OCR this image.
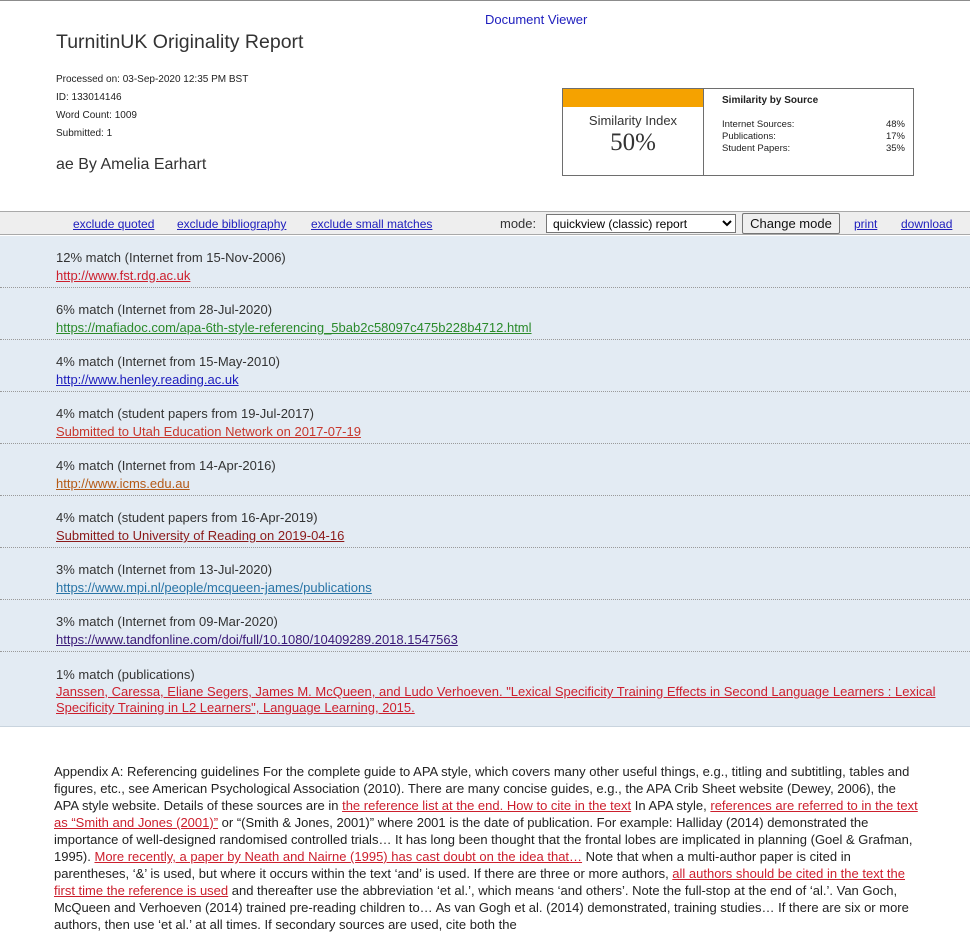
Document Viewer
TurnitinUK Originality Report
Processed on: 03-Sep-2020 12:35 PM BST
ID: 133014146
Word Count: 1009
Submitted: 1
ae By Amelia Earhart
Similarity Index
50%
Similarity by Source
Internet Sources:	48%
Publications:	17%
Student Papers:	35%
exclude quoted exclude bibliography exclude small matches	mode:
quickview (classic) report	Change mode	print download
12% match (Internet from 15-Nov-2006)
http://www.fst.rdg.ac.uk
6% match (Internet from 28-Jul-2020)
https://mafiadoc.com/apa-6th-style-referencing_5bab2c58097c475b228b4712.html
4% match (Internet from 15-May-2010)
http://www.henley.reading.ac.uk
4% match (student papers from 19-Jul-2017)
Submitted to Utah Education Network on 2017-07-19
4% match (Internet from 14-Apr-2016)
http://www.icms.edu.au
4% match (student papers from 16-Apr-2019)
Submitted to University of Reading on 2019-04-16
3% match (Internet from 13-Jul-2020)
https://www.mpi.nl/people/mcqueen-james/publications
3% match (Internet from 09-Mar-2020)
https://www.tandfonline.com/doi/full/10.1080/10409289.2018.1547563
1% match (publications)
Janssen, Caressa, Eliane Segers, James M. McQueen, and Ludo Verhoeven. "Lexical Specificity Training Effects in Second Language Learners : Lexical Specificity Training in L2 Learners", Language Learning, 2015.

Appendix A: Referencing guidelines For the complete guide to APA style, which covers many other useful things, e.g., titling and subtitling, tables and figures, etc., see American Psychological Association (2010). There are many concise guides, e.g., the APA Crib Sheet website (Dewey, 2006), the APA style website. Details of these sources are in the reference list at the end. How to cite in the text In APA style, references are referred to in the text as “Smith and Jones (2001)” or “(Smith & Jones, 2001)” where 2001 is the date of publication. For example: Halliday (2014) demonstrated the importance of well-designed randomised controlled trials… It has long been thought that the frontal lobes are implicated in planning (Goel & Grafman, 1995). More recently, a paper by Neath and Nairne (1995) has cast doubt on the idea that… Note that when a multi-author paper is cited in parentheses, ‘&’ is used, but where it occurs within the text ‘and’ is used. If there are three or more authors, all authors should be cited in the text the first time the reference is used and thereafter use the abbreviation ‘et al.’, which means ‘and others’. Note the full-stop at the end of ‘al.’. Van Goch, McQueen and Verhoeven (2014) trained pre-reading children to… As van Gogh et al. (2014) demonstrated, training studies… If there are six or more authors, then use ‘et al.’ at all times. If secondary sources are used, cite both the
